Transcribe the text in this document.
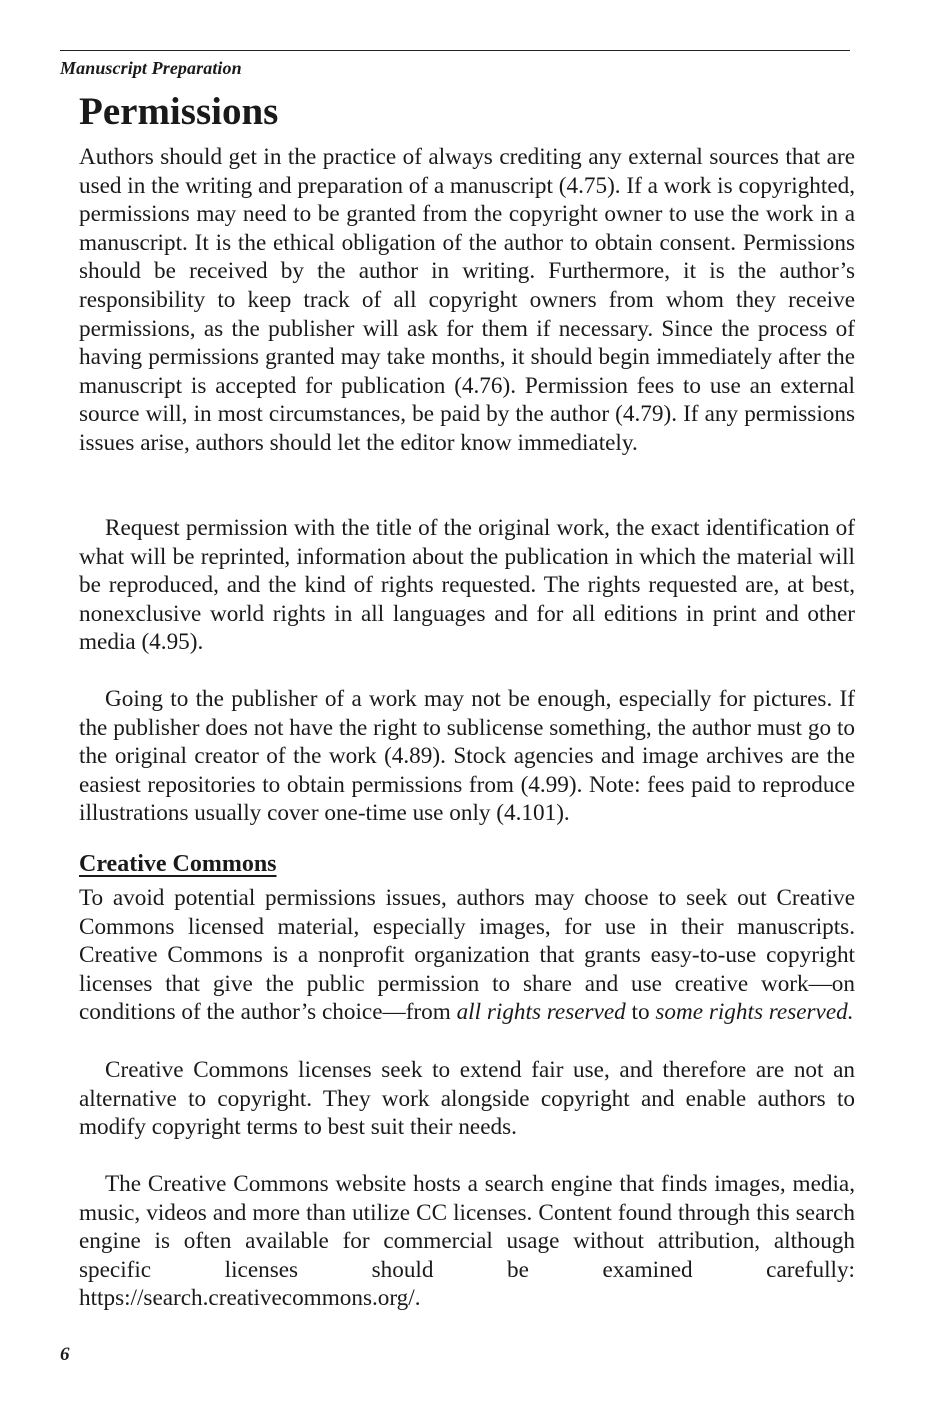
Manuscript Preparation
Permissions

Authors should get in the practice of always crediting any external sources that are used in the writing and preparation of a manuscript (4.75). If a work is copyrighted, permissions may need to be granted from the copyright owner to use the work in a manuscript. It is the ethical obligation of the author to obtain consent. Permissions should be received by the author in writing. Furthermore, it is the author’s responsibility to keep track of all copyright owners from whom they receive permissions, as the publisher will ask for them if necessary. Since the process of having permissions granted may take months, it should begin immediately after the manuscript is accepted for publication (4.76). Permission fees to use an external source will, in most circumstances, be paid by the author (4.79). If any permissions issues arise, authors should let the editor know immediately.

Request permission with the title of the original work, the exact identification of what will be reprinted, information about the publication in which the material will be reproduced, and the kind of rights requested. The rights requested are, at best, nonexclusive world rights in all languages and for all editions in print and other media (4.95).

Going to the publisher of a work may not be enough, especially for pictures. If the publisher does not have the right to sublicense something, the author must go to the original creator of the work (4.89). Stock agencies and image archives are the easiest repositories to obtain permissions from (4.99). Note: fees paid to reproduce illustrations usually cover one-time use only (4.101).

Creative Commons

To avoid potential permissions issues, authors may choose to seek out Creative Commons licensed material, especially images, for use in their manuscripts. Creative Commons is a nonprofit organization that grants easy-to-use copyright licenses that give the public permission to share and use creative work—on conditions of the author’s choice—from all rights reserved to some rights reserved.

Creative Commons licenses seek to extend fair use, and therefore are not an alternative to copyright. They work alongside copyright and enable authors to modify copyright terms to best suit their needs.

The Creative Commons website hosts a search engine that finds images, media, music, videos and more than utilize CC licenses. Content found through this search engine is often available for commercial usage without attribution, although specific licenses should be examined carefully: https://search.creativecommons.org/.

6
